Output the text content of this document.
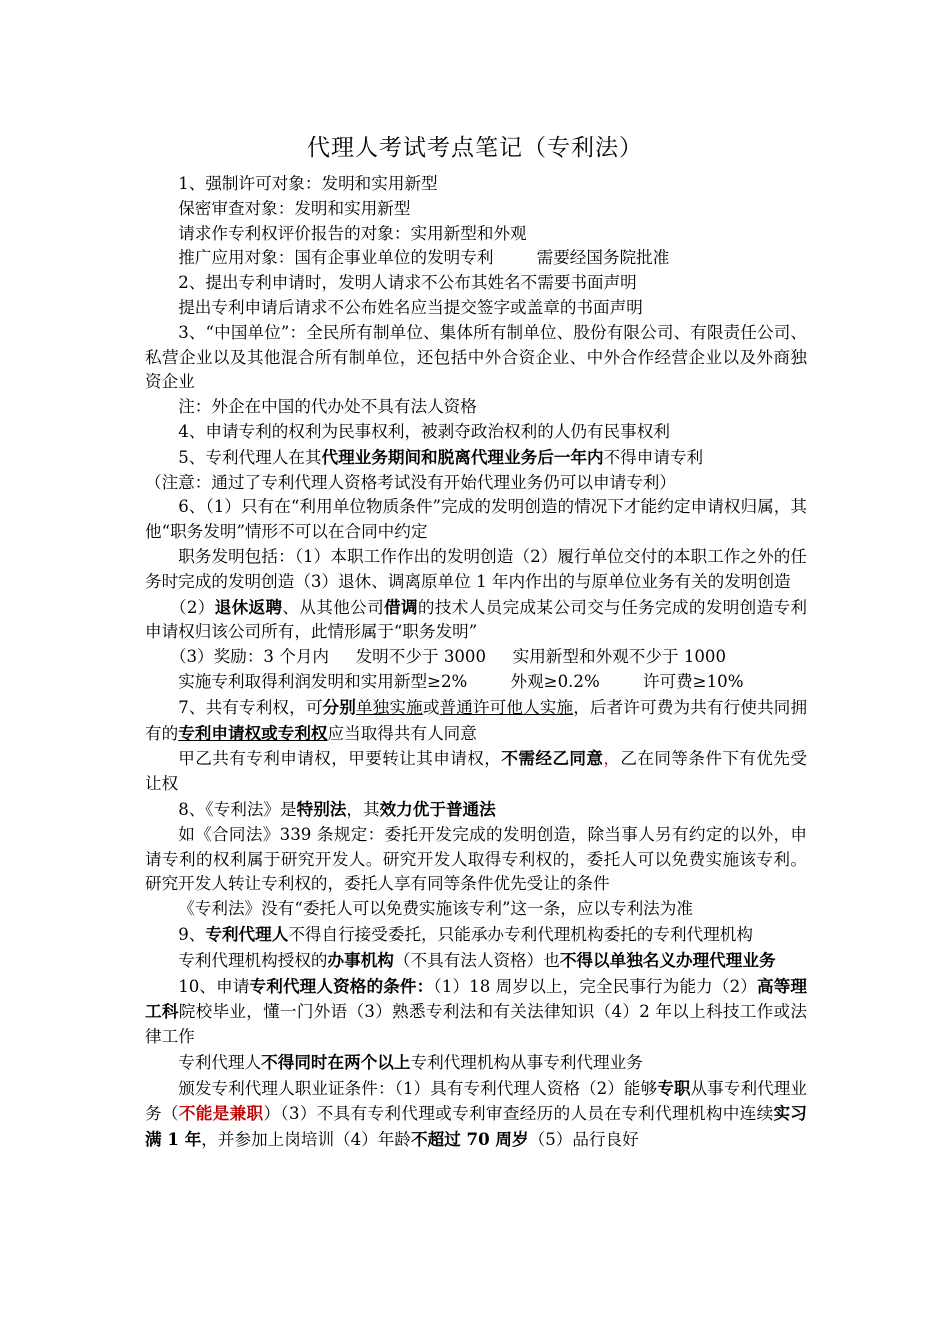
代理人考试考点笔记（专利法）

1、强制许可对象：发明和实用新型

保密审查对象：发明和实用新型

请求作专利权评价报告的对象：实用新型和外观

推广应用对象：国有企事业单位的发明专利	需要经国务院批准

2、提出专利申请时，发明人请求不公布其姓名不需要书面声明

提出专利申请后请求不公布姓名应当提交签字或盖章的书面声明

3、“中国单位”：全民所有制单位、集体所有制单位、股份有限公司、有限责任公司、私营企业以及其他混合所有制单位，还包括中外合资企业、中外合作经营企业以及外商独资企业

注：外企在中国的代办处不具有法人资格

4、申请专利的权利为民事权利，被剥夺政治权利的人仍有民事权利

5、专利代理人在其代理业务期间和脱离代理业务后一年内不得申请专利

（注意：通过了专利代理人资格考试没有开始代理业务仍可以申请专利）

6、（1）只有在“利用单位物质条件”完成的发明创造的情况下才能约定申请权归属，其他“职务发明”情形不可以在合同中约定

职务发明包括：（1）本职工作作出的发明创造（2）履行单位交付的本职工作之外的任务时完成的发明创造（3）退休、调离原单位 1 年内作出的与原单位业务有关的发明创造

（2）退休返聘、从其他公司借调的技术人员完成某公司交与任务完成的发明创造专利申请权归该公司所有，此情形属于“职务发明”

（3）奖励：3 个月内 发明不少于 3000 实用新型和外观不少于 1000

实施专利取得利润发明和实用新型≥2%	外观≥0.2%	许可费≥10%

7、共有专利权，可分别单独实施或普通许可他人实施，后者许可费为共有行使共同拥有的专利申请权或专利权应当取得共有人同意

甲乙共有专利申请权，甲要转让其申请权，不需经乙同意，乙在同等条件下有优先受让权

8、《专利法》是特别法，其效力优于普通法

如《合同法》339 条规定：委托开发完成的发明创造，除当事人另有约定的以外，申请专利的权利属于研究开发人。研究开发人取得专利权的，委托人可以免费实施该专利。研究开发人转让专利权的，委托人享有同等条件优先受让的条件

《专利法》没有“委托人可以免费实施该专利”这一条，应以专利法为准

9、专利代理人不得自行接受委托，只能承办专利代理机构委托的专利代理机构

专利代理机构授权的办事机构（不具有法人资格）也不得以单独名义办理代理业务

10、申请专利代理人资格的条件：（1）18 周岁以上，完全民事行为能力（2）高等理工科院校毕业，懂一门外语（3）熟悉专利法和有关法律知识（4）2 年以上科技工作或法律工作

专利代理人不得同时在两个以上专利代理机构从事专利代理业务

颁发专利代理人职业证条件：（1）具有专利代理人资格（2）能够专职从事专利代理业务（不能是兼职）（3）不具有专利代理或专利审查经历的人员在专利代理机构中连续实习满 1 年，并参加上岗培训（4）年龄不超过 70 周岁（5）品行良好
